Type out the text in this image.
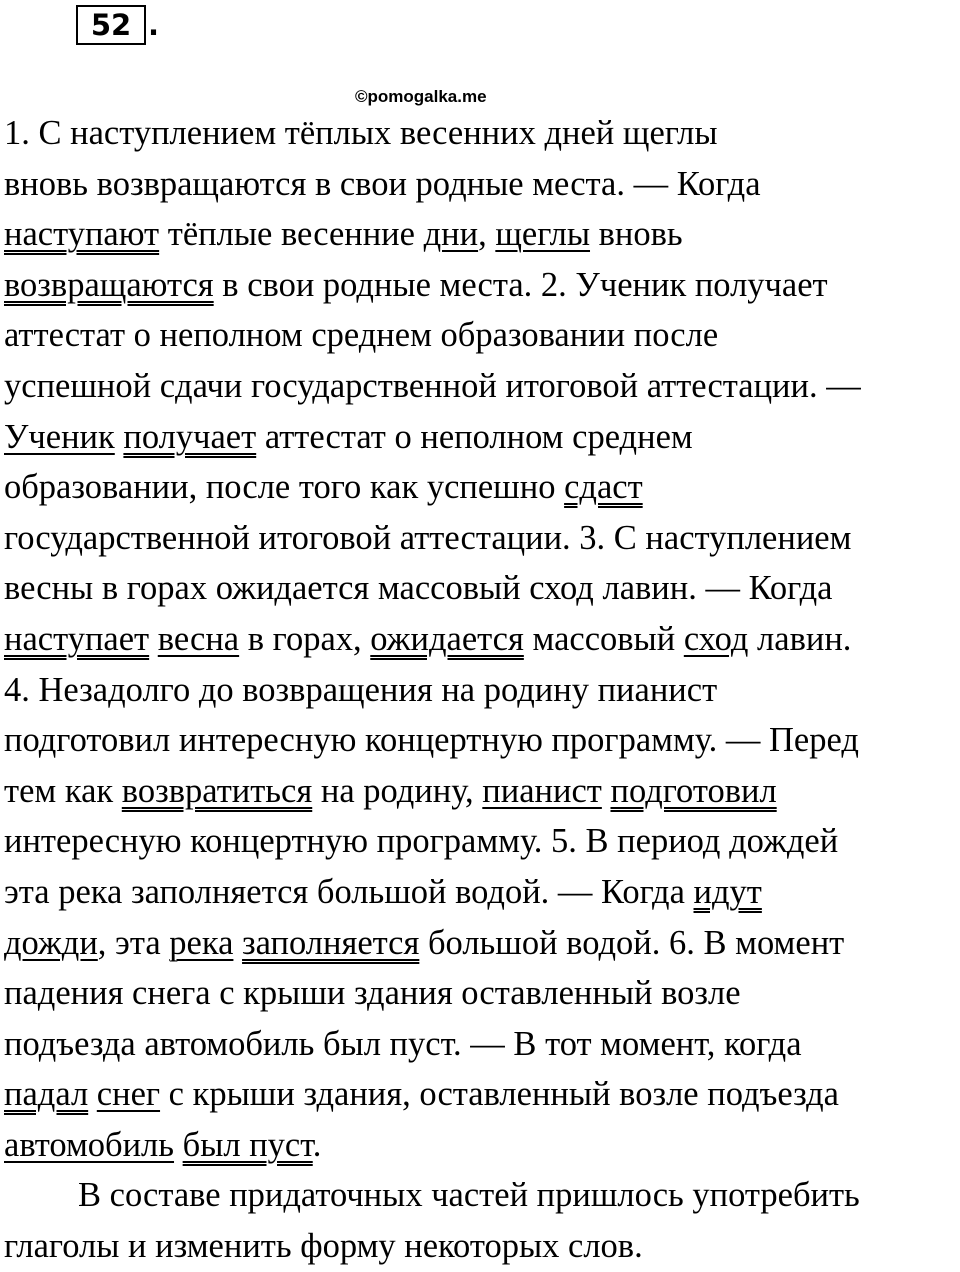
52 .
©pomogalka.me
1. С наступлением тёплых весенних дней щеглы
вновь возвращаются в свои родные места. — Когда
наступают тёплые весенние дни, щеглы вновь
возвращаются в свои родные места. 2. Ученик получает
аттестат о неполном среднем образовании после
успешной сдачи государственной итоговой аттестации. —
Ученик получает аттестат о неполном среднем
образовании, после того как успешно сдаст
государственной итоговой аттестации. 3. С наступлением
весны в горах ожидается массовый сход лавин. — Когда
наступает весна в горах, ожидается массовый сход лавин.
4. Незадолго до возвращения на родину пианист
подготовил интересную концертную программу. — Перед
тем как возвратиться на родину, пианист подготовил
интересную концертную программу. 5. В период дождей
эта река заполняется большой водой. — Когда идут
дожди, эта река заполняется большой водой. 6. В момент
падения снега с крыши здания оставленный возле
подъезда автомобиль был пуст. — В тот момент, когда
падал снег с крыши здания, оставленный возле подъезда
автомобиль был пуст.
В составе придаточных частей пришлось употребить
глаголы и изменить форму некоторых слов.
